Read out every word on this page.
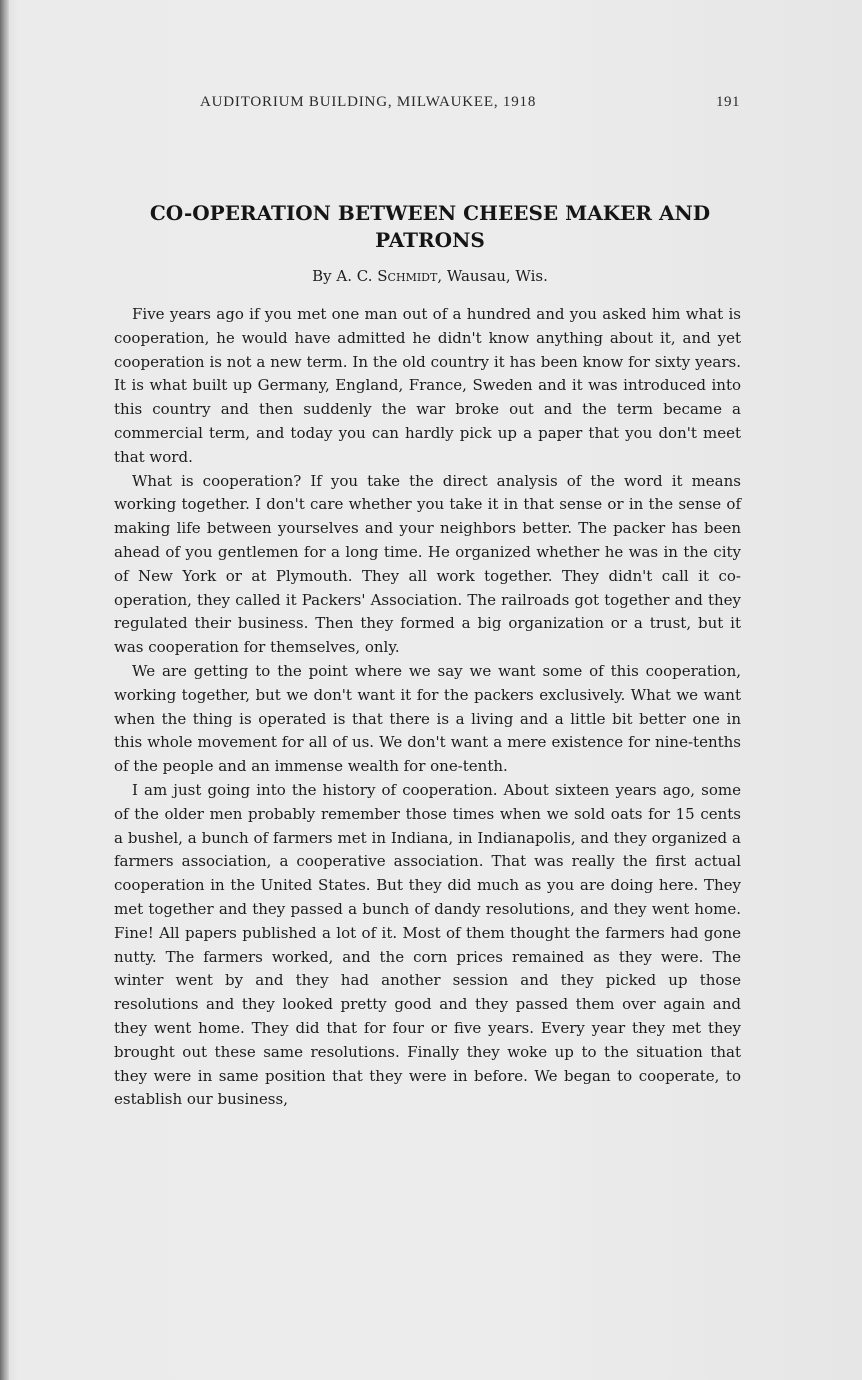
AUDITORIUM BUILDING, MILWAUKEE, 1918	191
CO-OPERATION BETWEEN CHEESE MAKER AND
PATRONS
By A. C. Schmidt, Wausau, Wis.

Five years ago if you met one man out of a hundred and you asked him what is cooperation, he would have admitted he didn't know anything about it, and yet cooperation is not a new term. In the old country it has been know for sixty years. It is what built up Germany, England, France, Sweden and it was introduced into this country and then suddenly the war broke out and the term became a commercial term, and today you can hardly pick up a paper that you don't meet that word.

What is cooperation? If you take the direct analysis of the word it means working together. I don't care whether you take it in that sense or in the sense of making life between yourselves and your neighbors better. The packer has been ahead of you gentlemen for a long time. He organized whether he was in the city of New York or at Plymouth. They all work together. They didn't call it co-operation, they called it Packers' Association. The railroads got together and they regulated their business. Then they formed a big organization or a trust, but it was cooperation for themselves, only.

We are getting to the point where we say we want some of this cooperation, working together, but we don't want it for the packers exclusively. What we want when the thing is operated is that there is a living and a little bit better one in this whole movement for all of us. We don't want a mere existence for nine-tenths of the people and an immense wealth for one-tenth.

I am just going into the history of cooperation. About sixteen years ago, some of the older men probably remember those times when we sold oats for 15 cents a bushel, a bunch of farmers met in Indiana, in Indianapolis, and they organized a farmers association, a cooperative association. That was really the first actual cooperation in the United States. But they did much as you are doing here. They met together and they passed a bunch of dandy resolutions, and they went home. Fine! All papers published a lot of it. Most of them thought the farmers had gone nutty. The farmers worked, and the corn prices remained as they were. The winter went by and they had another session and they picked up those resolutions and they looked pretty good and they passed them over again and they went home. They did that for four or five years. Every year they met they brought out these same resolutions. Finally they woke up to the situation that they were in same position that they were in before. We began to cooperate, to establish our business,
